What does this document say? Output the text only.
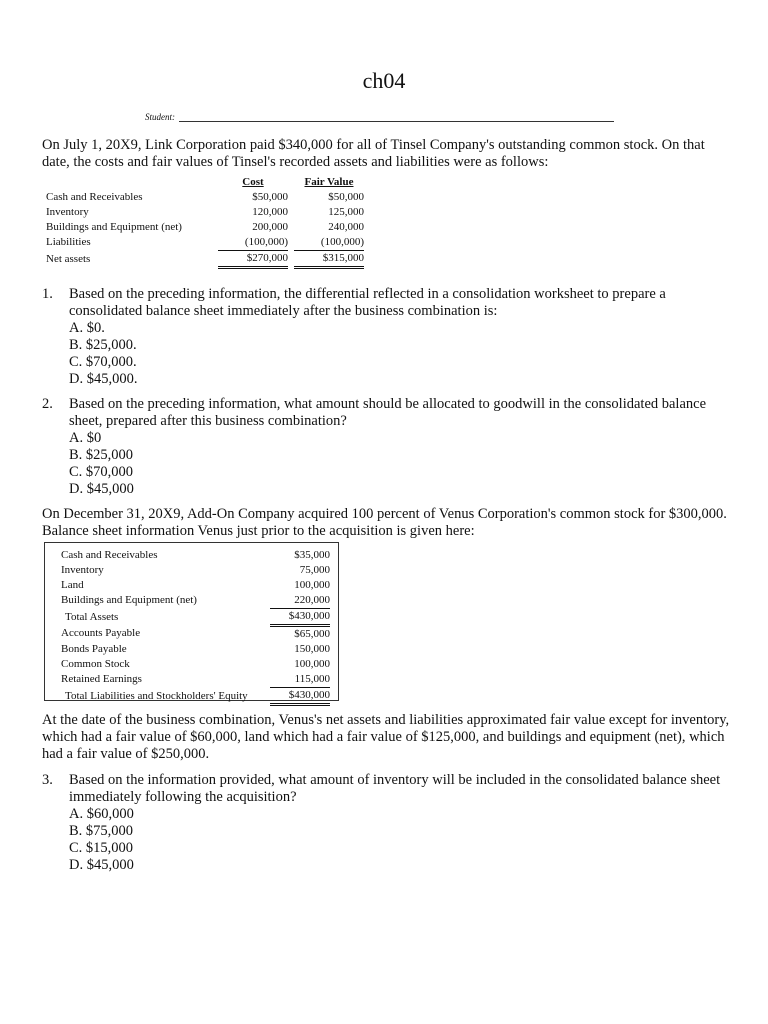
ch04
Student:
On July 1, 20X9, Link Corporation paid $340,000 for all of Tinsel Company's outstanding common stock. On that date, the costs and fair values of Tinsel's recorded assets and liabilities were as follows:
	Cost		Fair Value
Cash and Receivables	$50,000		$50,000
Inventory	120,000		125,000
Buildings and Equipment (net)	200,000		240,000
Liabilities	(100,000)		(100,000)
Net assets	$270,000		$315,000
1. Based on the preceding information, the differential reflected in a consolidation worksheet to prepare a consolidated balance sheet immediately after the business combination is:
A. $0.
B. $25,000.
C. $70,000.
D. $45,000.
2. Based on the preceding information, what amount should be allocated to goodwill in the consolidated balance sheet, prepared after this business combination?
A. $0
B. $25,000
C. $70,000
D. $45,000
On December 31, 20X9, Add-On Company acquired 100 percent of Venus Corporation's common stock for $300,000. Balance sheet information Venus just prior to the acquisition is given here:
Cash and Receivables	$35,000
Inventory	75,000
Land	100,000
Buildings and Equipment (net)	220,000
Total Assets	$430,000
Accounts Payable	$65,000
Bonds Payable	150,000
Common Stock	100,000
Retained Earnings	115,000
Total Liabilities and Stockholders' Equity	$430,000
At the date of the business combination, Venus's net assets and liabilities approximated fair value except for inventory, which had a fair value of $60,000, land which had a fair value of $125,000, and buildings and equipment (net), which had a fair value of $250,000.
3. Based on the information provided, what amount of inventory will be included in the consolidated balance sheet immediately following the acquisition?
A. $60,000
B. $75,000
C. $15,000
D. $45,000
